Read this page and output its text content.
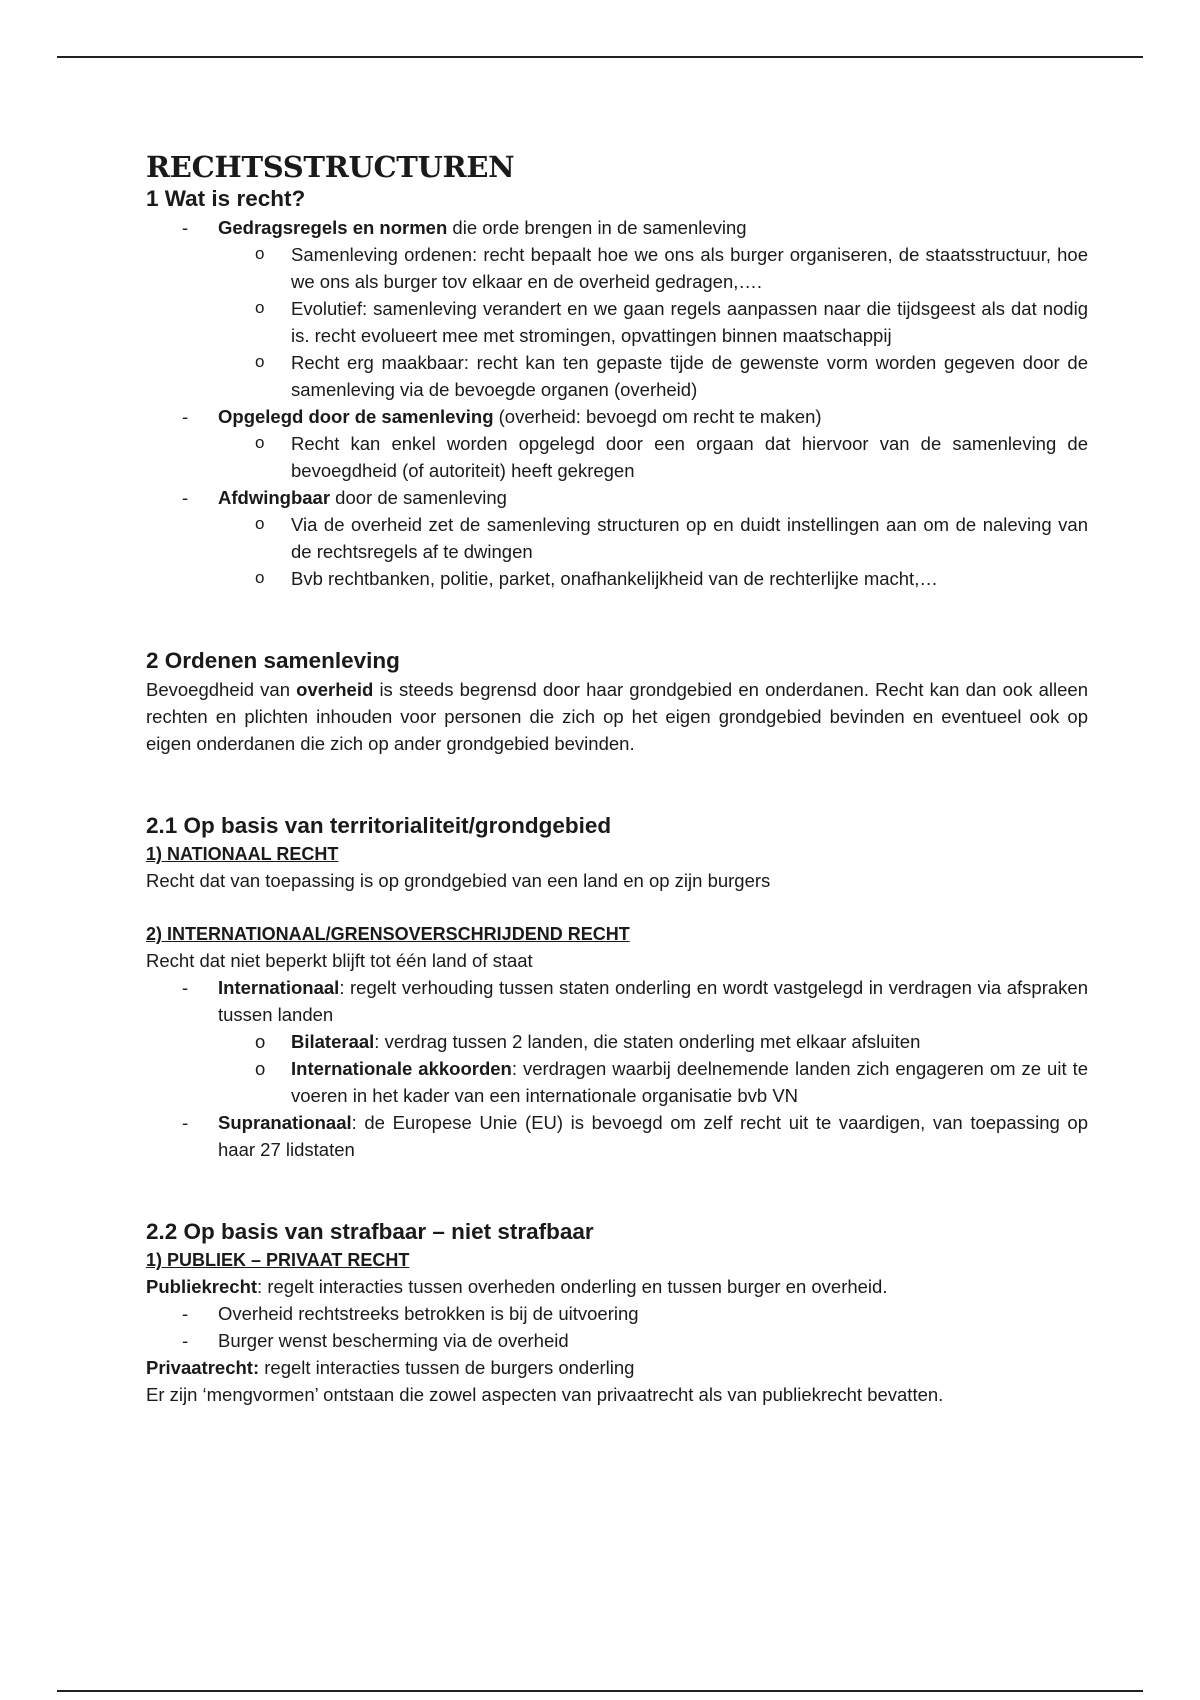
RECHTSSTRUCTUREN
1 Wat is recht?
- Gedragsregels en normen die orde brengen in de samenleving
o Samenleving ordenen: recht bepaalt hoe we ons als burger organiseren, de staatsstructuur, hoe we ons als burger tov elkaar en de overheid gedragen,….
o Evolutief: samenleving verandert en we gaan regels aanpassen naar die tijdsgeest als dat nodig is. recht evolueert mee met stromingen, opvattingen binnen maatschappij
o Recht erg maakbaar: recht kan ten gepaste tijde de gewenste vorm worden gegeven door de samenleving via de bevoegde organen (overheid)
- Opgelegd door de samenleving (overheid: bevoegd om recht te maken)
o Recht kan enkel worden opgelegd door een orgaan dat hiervoor van de samenleving de bevoegdheid (of autoriteit) heeft gekregen
- Afdwingbaar door de samenleving
o Via de overheid zet de samenleving structuren op en duidt instellingen aan om de naleving van de rechtsregels af te dwingen
o Bvb rechtbanken, politie, parket, onafhankelijkheid van de rechterlijke macht,…
2 Ordenen samenleving

Bevoegdheid van overheid is steeds begrensd door haar grondgebied en onderdanen. Recht kan dan ook alleen rechten en plichten inhouden voor personen die zich op het eigen grondgebied bevinden en eventueel ook op eigen onderdanen die zich op ander grondgebied bevinden.

2.1 Op basis van territorialiteit/grondgebied
1) NATIONAAL RECHT

Recht dat van toepassing is op grondgebied van een land en op zijn burgers

2) INTERNATIONAAL/GRENSOVERSCHRIJDEND RECHT

Recht dat niet beperkt blijft tot één land of staat

- Internationaal: regelt verhouding tussen staten onderling en wordt vastgelegd in verdragen via afspraken tussen landen
o Bilateraal: verdrag tussen 2 landen, die staten onderling met elkaar afsluiten
o Internationale akkoorden: verdragen waarbij deelnemende landen zich engageren om ze uit te voeren in het kader van een internationale organisatie bvb VN
- Supranationaal: de Europese Unie (EU) is bevoegd om zelf recht uit te vaardigen, van toepassing op haar 27 lidstaten
2.2 Op basis van strafbaar – niet strafbaar
1) PUBLIEK – PRIVAAT RECHT

Publiekrecht: regelt interacties tussen overheden onderling en tussen burger en overheid.

- Overheid rechtstreeks betrokken is bij de uitvoering
- Burger wenst bescherming via de overheid

Privaatrecht: regelt interacties tussen de burgers onderling

Er zijn ‘mengvormen’ ontstaan die zowel aspecten van privaatrecht als van publiekrecht bevatten.
